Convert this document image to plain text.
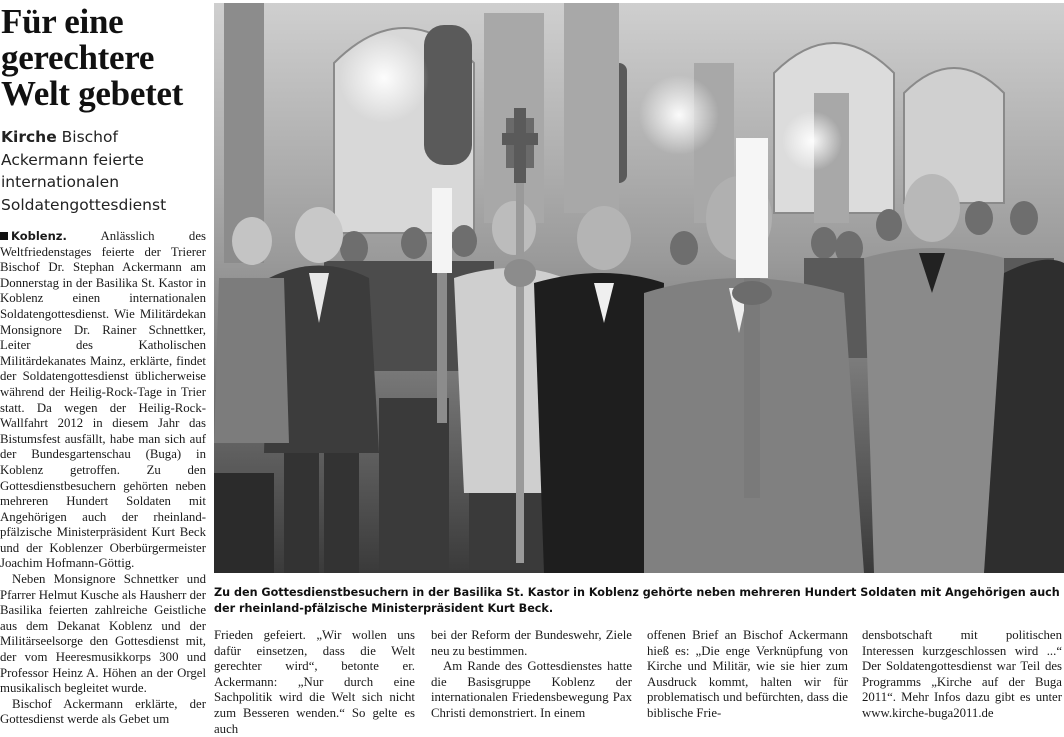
Für eine
gerechtere
Welt gebetet
Kirche Bischof Ackermann feierte internationalen Soldatengottesdienst

Koblenz.	Anlässlich des Weltfriedenstages feierte der Trierer Bischof Dr. Stephan Ackermann am Donnerstag in der Basilika St. Kastor in Koblenz einen internationalen Soldatengottesdienst. Wie Militärdekan Monsignore Dr. Rainer Schnettker, Leiter des Katholischen Militärdekanates Mainz, erklärte, findet der Soldatengottesdienst üblicherweise während der Heilig-Rock-Tage in Trier statt. Da wegen der Heilig-Rock-Wallfahrt 2012 in diesem Jahr das Bistumsfest ausfällt, habe man sich auf der Bundesgartenschau (Buga) in Koblenz getroffen. Zu den Gottesdienstbesuchern gehörten neben mehreren Hundert Soldaten mit Angehörigen auch der rheinland-pfälzische Ministerpräsident Kurt Beck und der Koblenzer Oberbürgermeister Joachim Hofmann-Göttig.

Neben Monsignore Schnettker und Pfarrer Helmut Kusche als Hausherr der Basilika feierten zahlreiche Geistliche aus dem Dekanat Koblenz und der Militärseelsorge den Gottesdienst mit, der vom Heeresmusikkorps 300 und Professor Heinz A. Höhen an der Orgel musikalisch begleitet wurde.

Bischof Ackermann erklärte, der Gottesdienst werde als Gebet um

Zu den Gottesdienstbesuchern in der Basilika St. Kastor in Koblenz gehörte neben mehreren Hundert Soldaten mit Angehörigen auch der rheinland-pfälzische Ministerpräsident Kurt Beck.

Frieden gefeiert. „Wir wollen uns dafür einsetzen, dass die Welt gerechter wird“, betonte er. Ackermann: „Nur durch eine Sachpolitik wird die Welt sich nicht zum Besseren wenden.“ So gelte es auch

bei der Reform der Bundeswehr, Ziele neu zu bestimmen.

Am Rande des Gottesdienstes hatte die Basisgruppe Koblenz der internationalen Friedensbewegung Pax Christi demonstriert. In einem

offenen Brief an Bischof Ackermann hieß es: „Die enge Verknüpfung von Kirche und Militär, wie sie hier zum Ausdruck kommt, halten wir für problematisch und befürchten, dass die biblische Frie-

densbotschaft mit politischen Interessen kurzgeschlossen wird ...“ Der Soldatengottesdienst war Teil des Programms „Kirche auf der Buga 2011“. Mehr Infos dazu gibt es unter www.kirche-buga2011.de
